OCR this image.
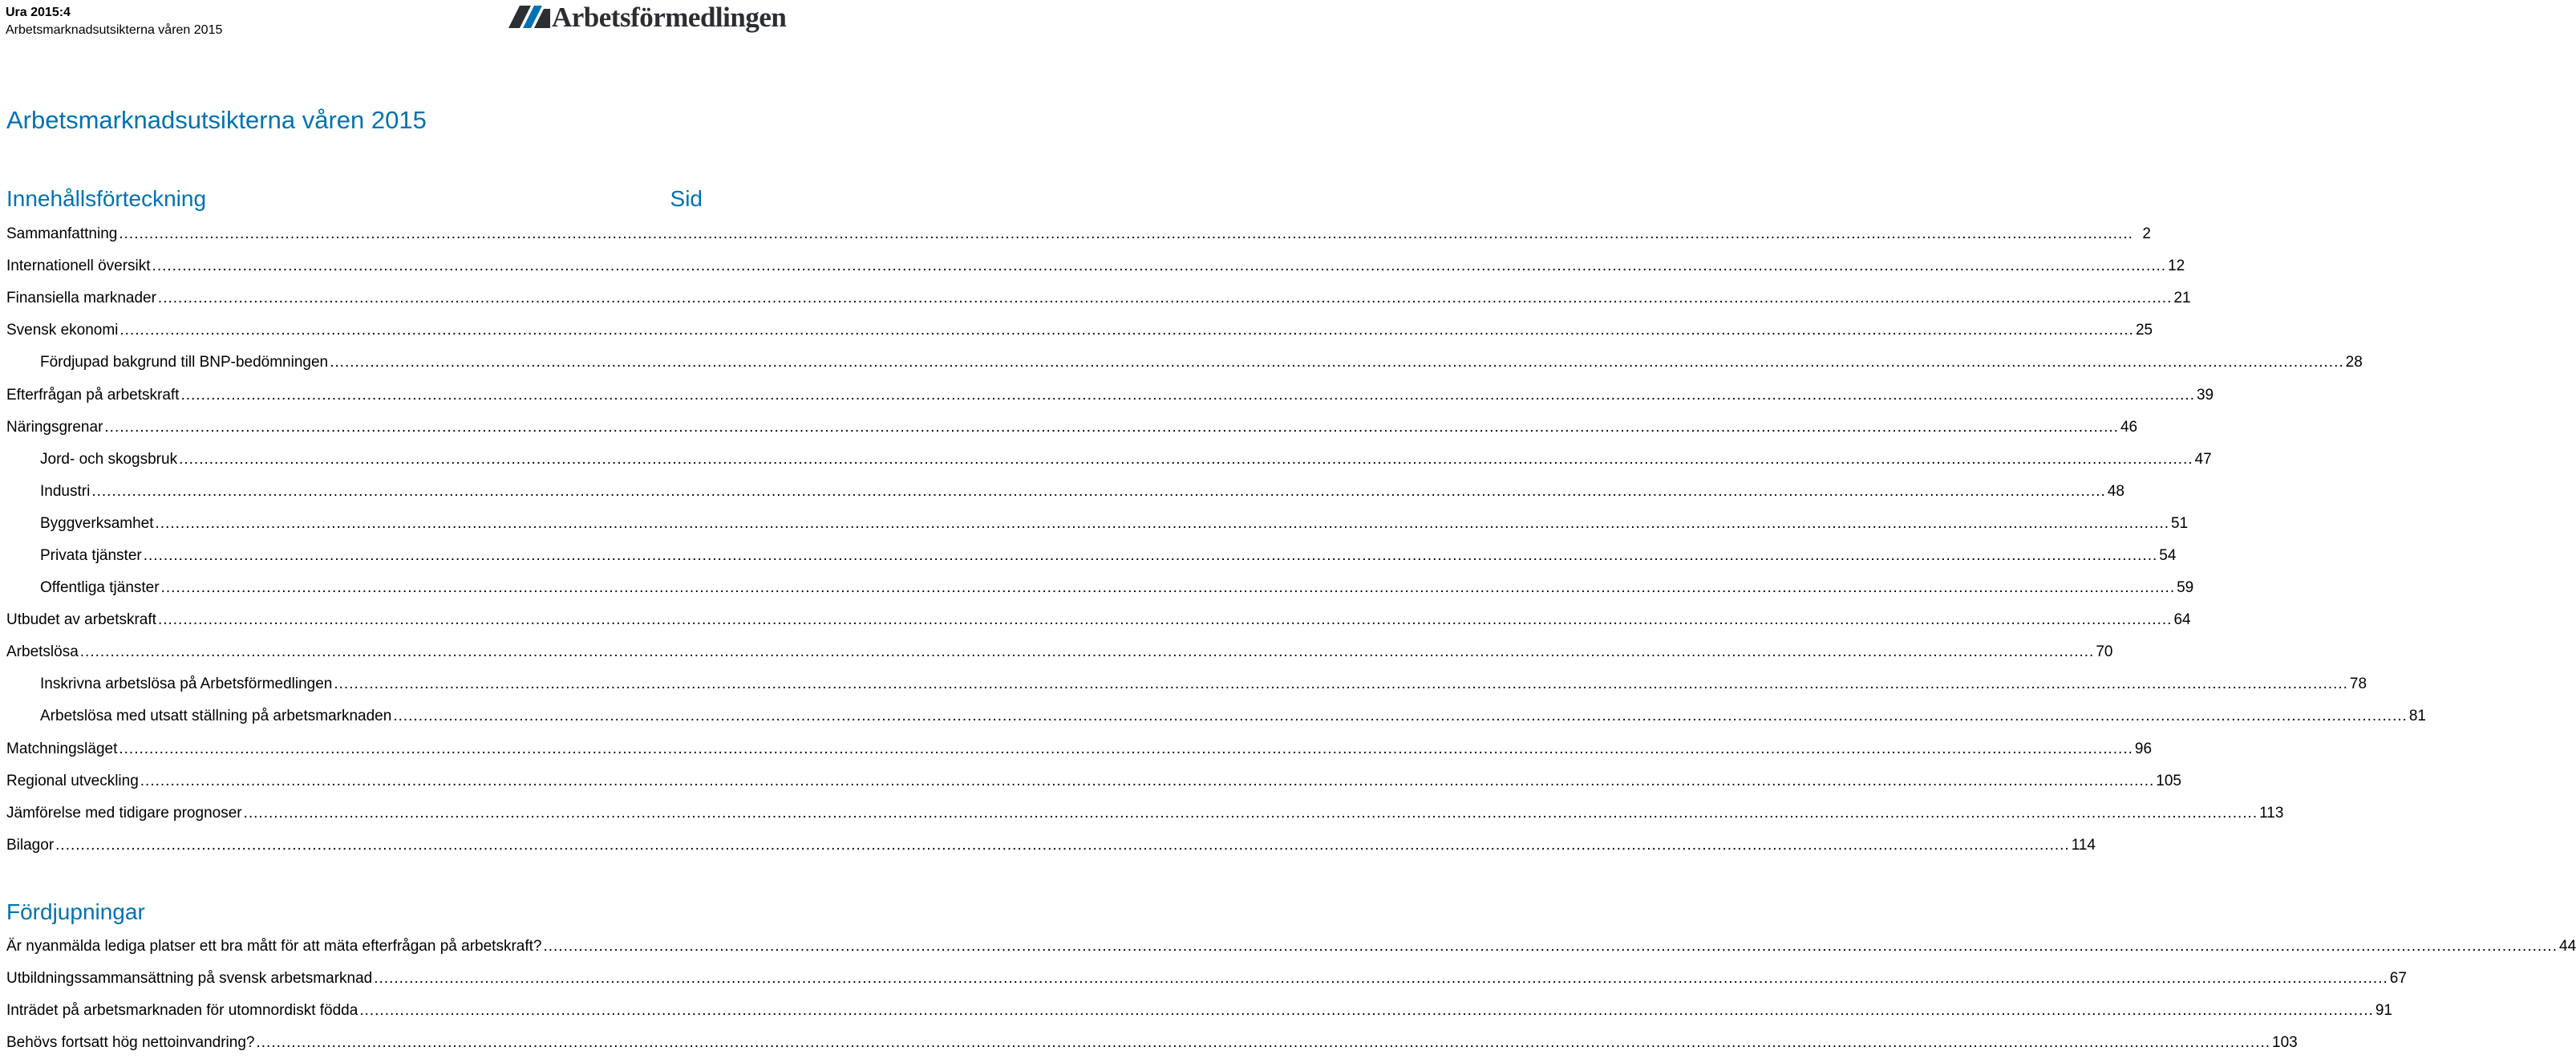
Ura 2015:4
Arbetsmarknadsutsikterna våren 2015	Arbetsförmedlingen
Arbetsmarknadsutsikterna våren 2015
Innehållsförteckning	Sid
Sammanfattning ................................................................................................................................................................................................................................................................................................................................................................................................................ 2
Internationell översikt ................................................................................................................................................................................................................................................................................................................................................................................................................ 12
Finansiella marknader ................................................................................................................................................................................................................................................................................................................................................................................................................ 21
Svensk ekonomi ................................................................................................................................................................................................................................................................................................................................................................................................................ 25
Fördjupad bakgrund till BNP-bedömningen ................................................................................................................................................................................................................................................................................................................................................................................................................ 28
Efterfrågan på arbetskraft ................................................................................................................................................................................................................................................................................................................................................................................................................ 39
Näringsgrenar ................................................................................................................................................................................................................................................................................................................................................................................................................ 46
Jord- och skogsbruk ................................................................................................................................................................................................................................................................................................................................................................................................................ 47
Industri ................................................................................................................................................................................................................................................................................................................................................................................................................ 48
Byggverksamhet ................................................................................................................................................................................................................................................................................................................................................................................................................ 51
Privata tjänster ................................................................................................................................................................................................................................................................................................................................................................................................................ 54
Offentliga tjänster ................................................................................................................................................................................................................................................................................................................................................................................................................ 59
Utbudet av arbetskraft ................................................................................................................................................................................................................................................................................................................................................................................................................ 64
Arbetslösa ................................................................................................................................................................................................................................................................................................................................................................................................................ 70
Inskrivna arbetslösa på Arbetsförmedlingen ................................................................................................................................................................................................................................................................................................................................................................................................................ 78
Arbetslösa med utsatt ställning på arbetsmarknaden ................................................................................................................................................................................................................................................................................................................................................................................................................ 81
Matchningsläget ................................................................................................................................................................................................................................................................................................................................................................................................................ 96
Regional utveckling ................................................................................................................................................................................................................................................................................................................................................................................................................ 105
Jämförelse med tidigare prognoser ................................................................................................................................................................................................................................................................................................................................................................................................................ 113
Bilagor ................................................................................................................................................................................................................................................................................................................................................................................................................ 114
Fördjupningar
Är nyanmälda lediga platser ett bra mått för att mäta efterfrågan på arbetskraft? ................................................................................................................................................................................................................................................................................................................................................................................................................ 44
Utbildningssammansättning på svensk arbetsmarknad ................................................................................................................................................................................................................................................................................................................................................................................................................ 67
Inträdet på arbetsmarknaden för utomnordiskt födda ................................................................................................................................................................................................................................................................................................................................................................................................................ 91
Behövs fortsatt hög nettoinvandring? ................................................................................................................................................................................................................................................................................................................................................................................................................ 103
